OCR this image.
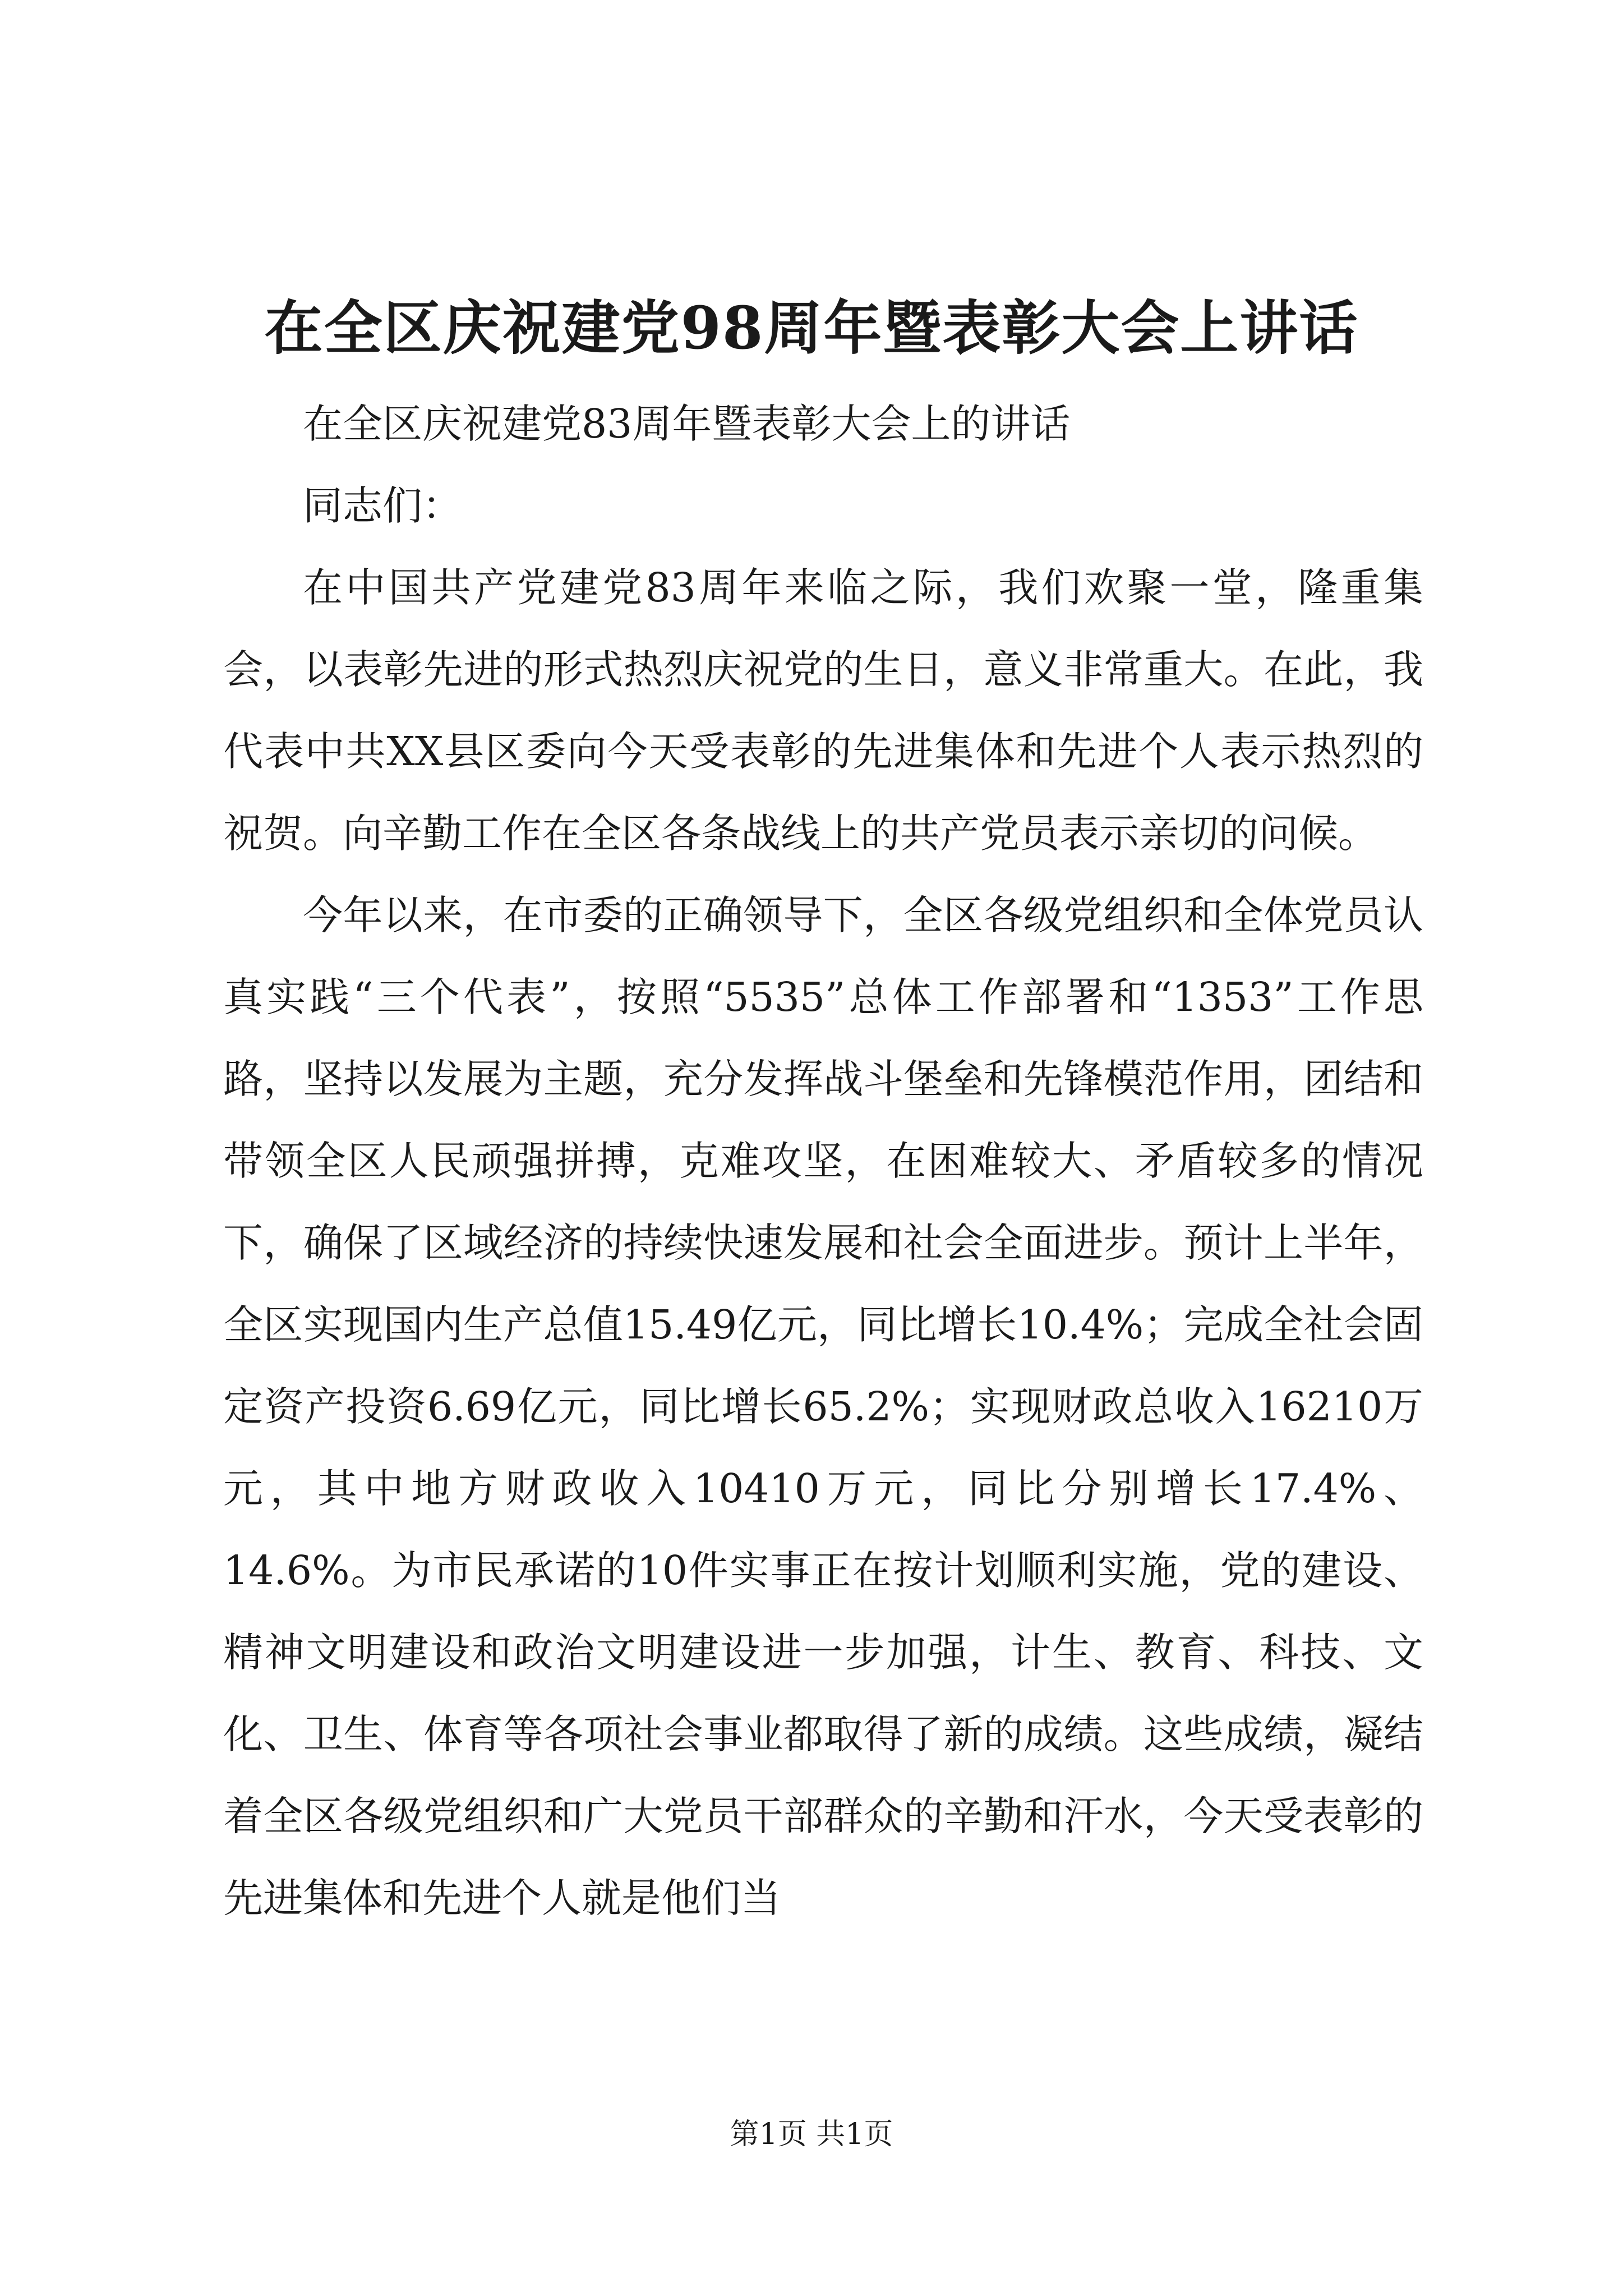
在全区庆祝建党98周年暨表彰大会上讲话

在全区庆祝建党83周年暨表彰大会上的讲话

同志们：

在中国共产党建党83周年来临之际，我们欢聚一堂，隆重集会，以表彰先进的形式热烈庆祝党的生日，意义非常重大。在此，我代表中共XX县区委向今天受表彰的先进集体和先进个人表示热烈的祝贺。向辛勤工作在全区各条战线上的共产党员表示亲切的问候。

今年以来，在市委的正确领导下，全区各级党组织和全体党员认真实践“三个代表”，按照“5535”总体工作部署和“1353”工作思路，坚持以发展为主题，充分发挥战斗堡垒和先锋模范作用，团结和带领全区人民顽强拼搏，克难攻坚，在困难较大、矛盾较多的情况下，确保了区域经济的持续快速发展和社会全面进步。预计上半年，全区实现国内生产总值15.49亿元，同比增长10.4%；完成全社会固定资产投资6.69亿元，同比增长65.2%；实现财政总收入16210万元，其中地方财政收入10410万元，同比分别增长17.4%、14.6%。为市民承诺的10件实事正在按计划顺利实施，党的建设、精神文明建设和政治文明建设进一步加强，计生、教育、科技、文化、卫生、体育等各项社会事业都取得了新的成绩。这些成绩，凝结着全区各级党组织和广大党员干部群众的辛勤和汗水，今天受表彰的先进集体和先进个人就是他们当

第1页 共1页
